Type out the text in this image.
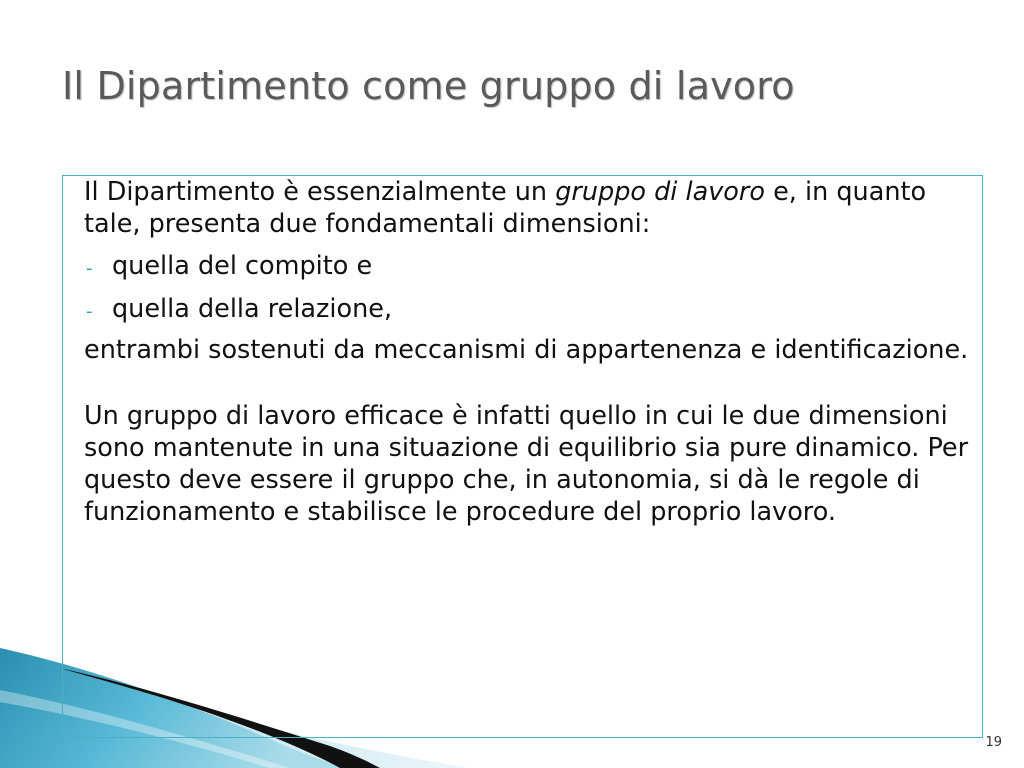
Il Dipartimento come gruppo di lavoro

Il Dipartimento è essenzialmente un gruppo di lavoro e, in quanto tale, presenta due fondamentali dimensioni:

- quella del compito e
- quella della relazione,

entrambi sostenuti da meccanismi di appartenenza e identificazione.

Un gruppo di lavoro efficace è infatti quello in cui le due dimensioni sono mantenute in una situazione di equilibrio sia pure dinamico. Per questo deve essere il gruppo che, in autonomia, si dà le regole di funzionamento e stabilisce le procedure del proprio lavoro.

19
